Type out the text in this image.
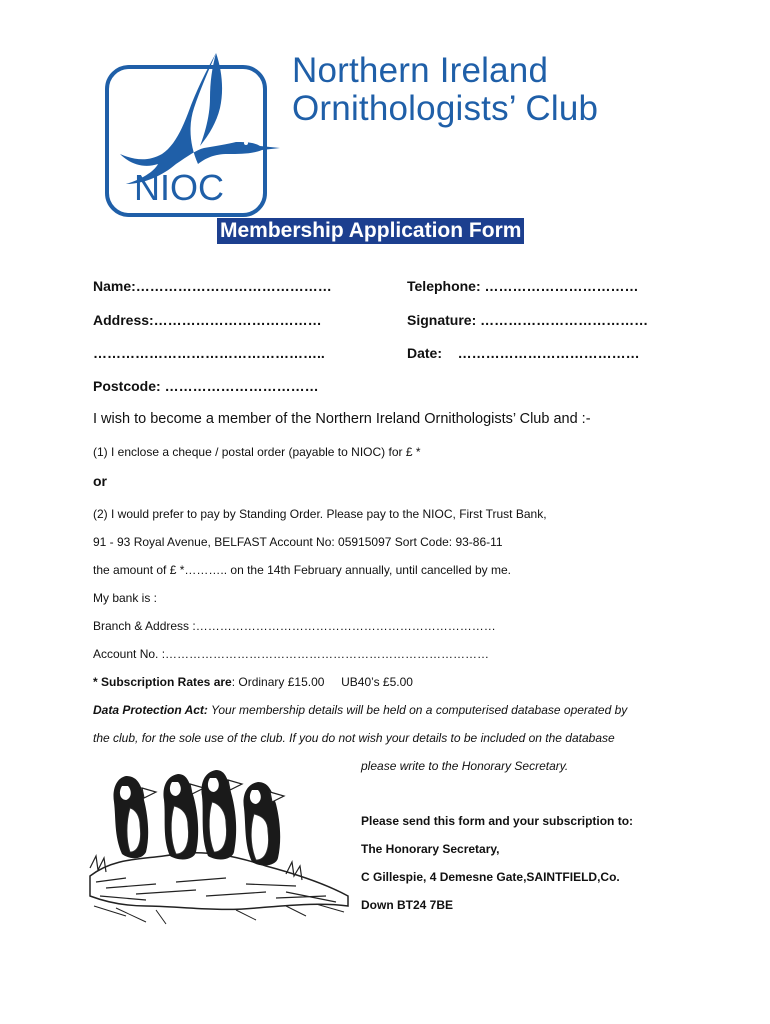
NIOC
Northern Ireland
Ornithologists’ Club
Membership Application Form
Name:……………………………………	Telephone: ……………………………
Address:………………………………	Signature: ………………………………
…………………………………………..	Date:    …………………………………
Postcode: ……………………………
I wish to become a member of the Northern Ireland Ornithologists’ Club and :-
(1) I enclose a cheque / postal order (payable to NIOC) for £ *
or
(2) I would prefer to pay by Standing Order. Please pay to the NIOC, First Trust Bank,
91 - 93 Royal Avenue, BELFAST Account No: 05915097 Sort Code: 93-86-11
the amount of £ *……….. on the 14th February annually, until cancelled by me.
My bank is :
Branch & Address :…………………………………………………………………
Account No. :………………………………………………………………………
* Subscription Rates are: Ordinary £15.00     UB40’s £5.00
Data Protection Act: Your membership details will be held on a computerised database operated by
the club, for the sole use of the club. If you do not wish your details to be included on the database
please write to the Honorary Secretary.
Please send this form and your subscription to:
The Honorary Secretary,
C Gillespie, 4 Demesne Gate,SAINTFIELD,Co.
Down BT24 7BE
